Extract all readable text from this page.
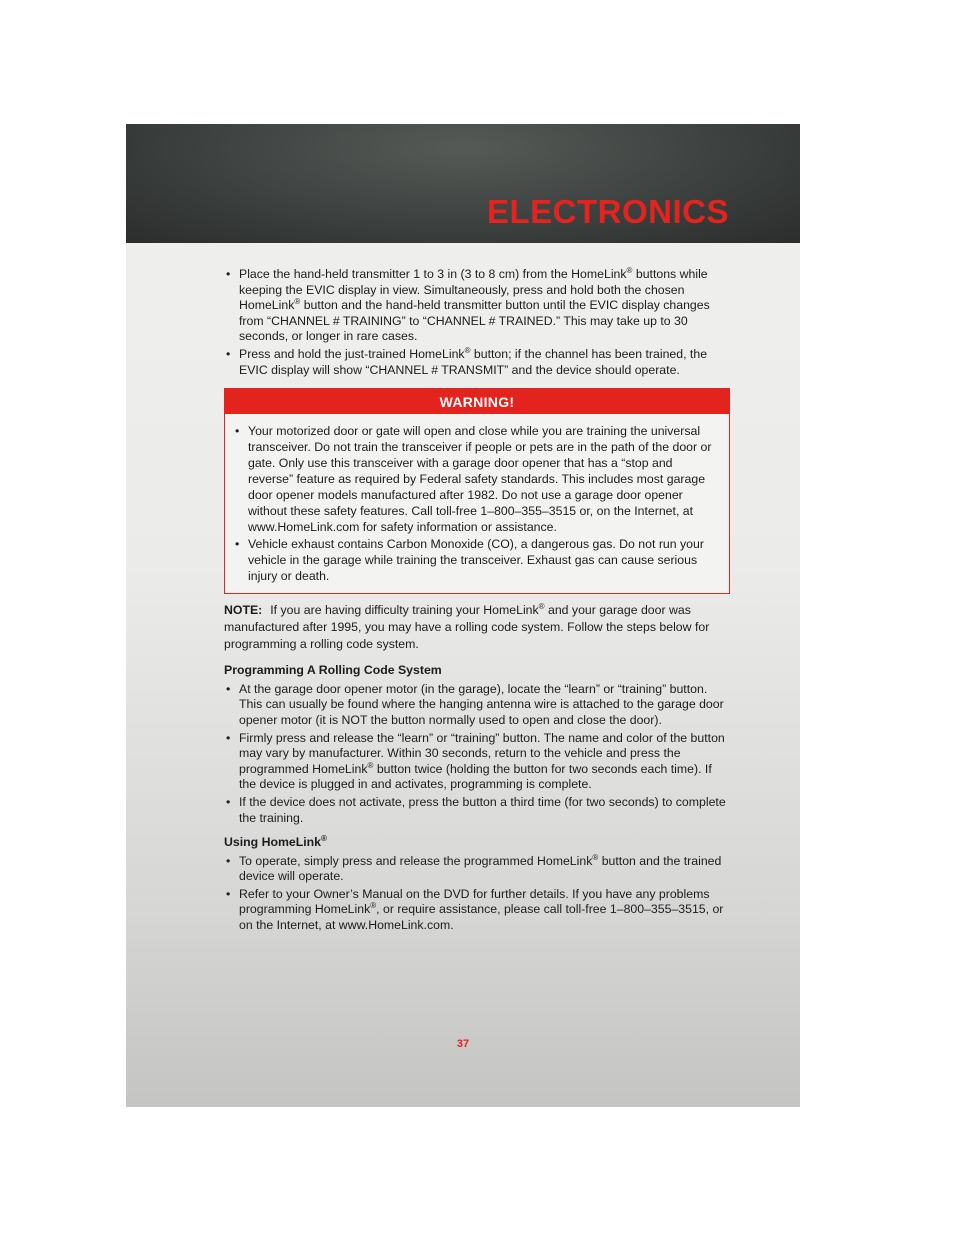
ELECTRONICS
• Place the hand-held transmitter 1 to 3 in (3 to 8 cm) from the HomeLink® buttons while keeping the EVIC display in view. Simultaneously, press and hold both the chosen HomeLink® button and the hand-held transmitter button until the EVIC display changes from “CHANNEL # TRAINING” to “CHANNEL # TRAINED.” This may take up to 30 seconds, or longer in rare cases.
• Press and hold the just-trained HomeLink® button; if the channel has been trained, the EVIC display will show “CHANNEL # TRANSMIT” and the device should operate.
WARNING!
• Your motorized door or gate will open and close while you are training the universal transceiver. Do not train the transceiver if people or pets are in the path of the door or gate. Only use this transceiver with a garage door opener that has a “stop and reverse” feature as required by Federal safety standards. This includes most garage door opener models manufactured after 1982. Do not use a garage door opener without these safety features. Call toll-free 1–800–355–3515 or, on the Internet, at www.HomeLink.com for safety information or assistance.
• Vehicle exhaust contains Carbon Monoxide (CO), a dangerous gas. Do not run your vehicle in the garage while training the transceiver. Exhaust gas can cause serious injury or death.

NOTE: If you are having difficulty training your HomeLink® and your garage door was manufactured after 1995, you may have a rolling code system. Follow the steps below for programming a rolling code system.

Programming A Rolling Code System
• At the garage door opener motor (in the garage), locate the “learn” or “training” button. This can usually be found where the hanging antenna wire is attached to the garage door opener motor (it is NOT the button normally used to open and close the door).
• Firmly press and release the “learn” or “training” button. The name and color of the button may vary by manufacturer. Within 30 seconds, return to the vehicle and press the programmed HomeLink® button twice (holding the button for two seconds each time). If the device is plugged in and activates, programming is complete.
• If the device does not activate, press the button a third time (for two seconds) to complete the training.
Using HomeLink®
• To operate, simply press and release the programmed HomeLink® button and the trained device will operate.
• Refer to your Owner’s Manual on the DVD for further details. If you have any problems programming HomeLink®, or require assistance, please call toll-free 1–800–355–3515, or on the Internet, at www.HomeLink.com.
37
